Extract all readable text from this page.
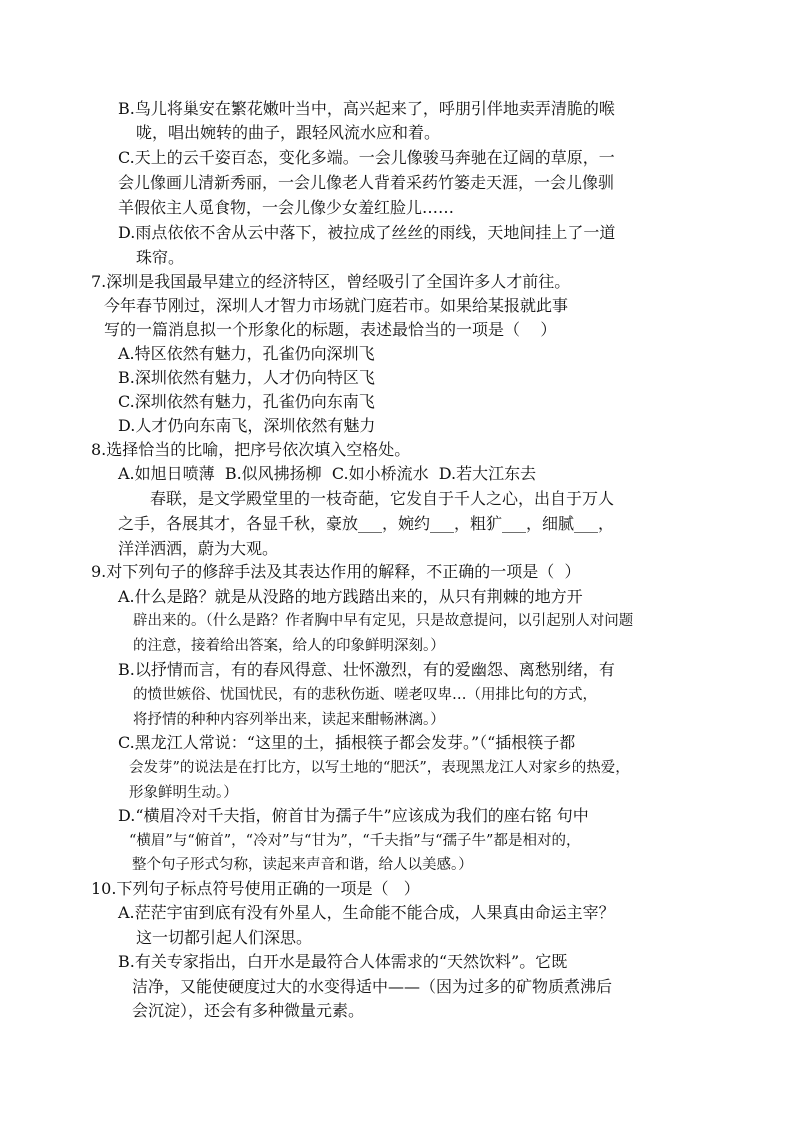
B.鸟儿将巢安在繁花嫩叶当中，高兴起来了，呼朋引伴地卖弄清脆的喉
咙，唱出婉转的曲子，跟轻风流水应和着。
C.天上的云千姿百态，变化多端。一会儿像骏马奔驰在辽阔的草原，一
会儿像画儿清新秀丽，一会儿像老人背着采药竹篓走天涯，一会儿像驯
羊假依主人觅食物，一会儿像少女羞红脸儿……
D.雨点依依不舍从云中落下，被拉成了丝丝的雨线，天地间挂上了一道
珠帘。
7.深圳是我国最早建立的经济特区，曾经吸引了全国许多人才前往。
今年春节刚过，深圳人才智力市场就门庭若市。如果给某报就此事
写的一篇消息拟一个形象化的标题，表述最恰当的一项是（    ）
A.特区依然有魅力，孔雀仍向深圳飞
B.深圳依然有魅力，人才仍向特区飞
C.深圳依然有魅力，孔雀仍向东南飞
D.人才仍向东南飞，深圳依然有魅力
8.选择恰当的比喻，把序号依次填入空格处。
A.如旭日喷薄  B.似风拂扬柳  C.如小桥流水  D.若大江东去
春联，是文学殿堂里的一枝奇葩，它发自于千人之心，出自于万人
之手，各展其才，各显千秋，豪放___，婉约___，粗犷___，细腻___，
洋洋洒洒，蔚为大观。
9.对下列句子的修辞手法及其表达作用的解释，不正确的一项是（  ）
A.什么是路？就是从没路的地方践踏出来的，从只有荆棘的地方开
辟出来的。（什么是路？作者胸中早有定见，只是故意提问，以引起别人对问题
的注意，接着给出答案，给人的印象鲜明深刻。）
B.以抒情而言，有的春风得意、壮怀激烈，有的爱幽怨、离愁别绪，有
的愤世嫉俗、忧国忧民，有的悲秋伤逝、嗟老叹卑…（用排比句的方式，
将抒情的种种内容列举出来，读起来酣畅淋漓。）
C.黑龙江人常说：“这里的土，插根筷子都会发芽。”（“插根筷子都
会发芽”的说法是在打比方，以写土地的“肥沃”，表现黑龙江人对家乡的热爱，
形象鲜明生动。）
D.“横眉冷对千夫指，俯首甘为孺子牛”应该成为我们的座右铭 句中
“横眉”与“俯首”，“冷对”与“甘为”，“千夫指”与“孺子牛”都是相对的，
整个句子形式匀称，读起来声音和谐，给人以美感。）
10.下列句子标点符号使用正确的一项是（   ）
A.茫茫宇宙到底有没有外星人，生命能不能合成，人果真由命运主宰？
这一切都引起人们深思。
B.有关专家指出，白开水是最符合人体需求的“天然饮料”。它既
洁净，又能使硬度过大的水变得适中——（因为过多的矿物质煮沸后
会沉淀），还会有多种微量元素。
